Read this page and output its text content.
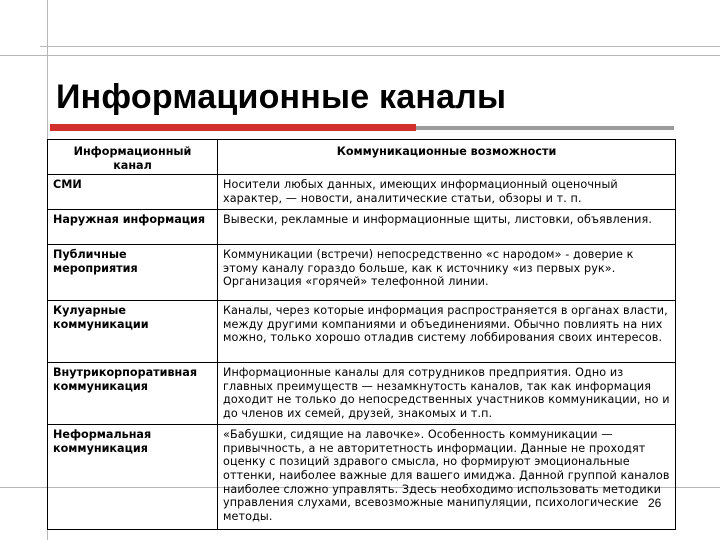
Информационные каналы
Информационный канал	Коммуникационные возможности
СМИ	Носители любых данных, имеющих информационный оценочный характер, — новости, аналитические статьи, обзоры и т. п.
Наружная информация	Вывески, рекламные и информационные щиты, листовки, объявления.
Публичные мероприятия	Коммуникации (встречи) непосредственно «с народом» - доверие к этому каналу гораздо больше, как к источнику «из первых рук». Организация «горячей» телефонной линии.
Кулуарные коммуникации	Каналы, через которые информация распространяется в органах власти, между другими компаниями и объединениями. Обычно повлиять на них можно, только хорошо отладив систему лоббирования своих интересов.
Внутрикорпоративная коммуникация	Информационные каналы для сотрудников предприятия. Одно из главных преимуществ — незамкнутость каналов, так как информация доходит не только до непосредственных участников коммуникации, но и до членов их семей, друзей, знакомых и т.п.
Неформальная коммуникация	«Бабушки, сидящие на лавочке». Особенность коммуникации — привычность, а не авторитетность информации. Данные не проходят оценку с позиций здравого смысла, но формируют эмоциональные оттенки, наиболее важные для вашего имиджа. Данной группой каналов наиболее сложно управлять. Здесь необходимо использовать методики управления слухами, всевозможные манипуляции, психологические методы.
26
